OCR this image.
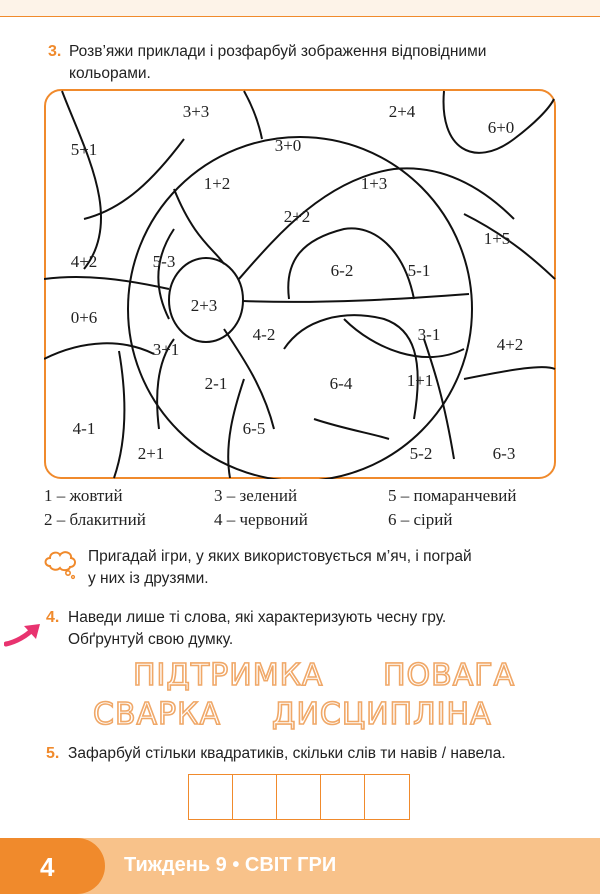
3. Розв’яжи приклади і розфарбуй зображення відповідними
кольорами.
3+3	2+4
5+1	3+0
6+0
1+2	1+3
2+2
4+2	5-3
1+5
6-2	5-1
0+6
2+3
4-2	3-1
3+1	4+2
2-1	6-4	1+1
4-1	6-5
2+1	5-2	6-3
1 – жовтий	3 – зелений	5 – помаранчевий
2 – блакитний	4 – червоний	6 – сірий
Пригадай ігри, у яких використовується м’яч, і пограй
у них із друзями.
4. Наведи лише ті слова, які характеризують чесну гру.
Обґрунтуй свою думку.
ПІДТРИМКА ПОВАГА
СВАРКА ДИСЦИПЛІНА
5. Зафарбуй стільки квадратиків, скільки слів ти навів / навела.
4	Тиждень 9 • СВІТ ГРИ
